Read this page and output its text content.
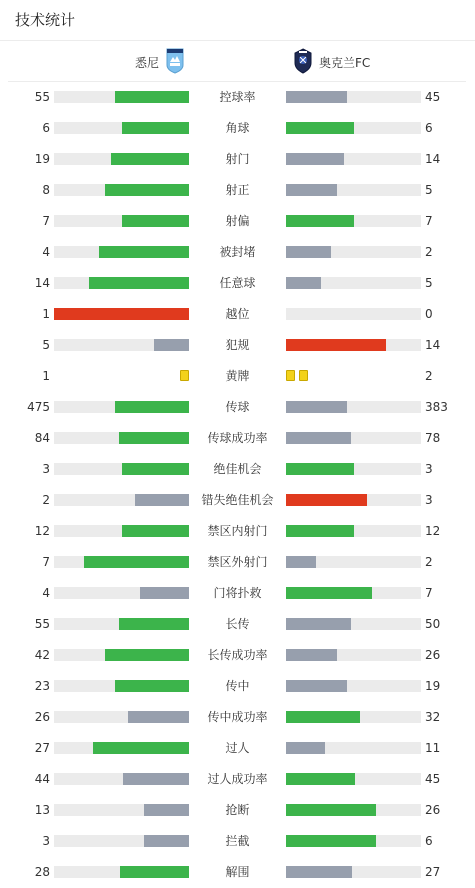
技术统计
悉尼	奥克兰FC
55	控球率	45
6	角球	6
19	射门	14
8	射正	5
7	射偏	7
4	被封堵	2
14	任意球	5
1	越位	0
5	犯规	14
1	黄牌	2
475	传球	383
84	传球成功率	78
3	绝佳机会	3
2	错失绝佳机会	3
12	禁区内射门	12
7	禁区外射门	2
4	门将扑救	7
55	长传	50
42	长传成功率	26
23	传中	19
26	传中成功率	32
27	过人	11
44	过人成功率	45
13	抢断	26
3	拦截	6
28	解围	27
